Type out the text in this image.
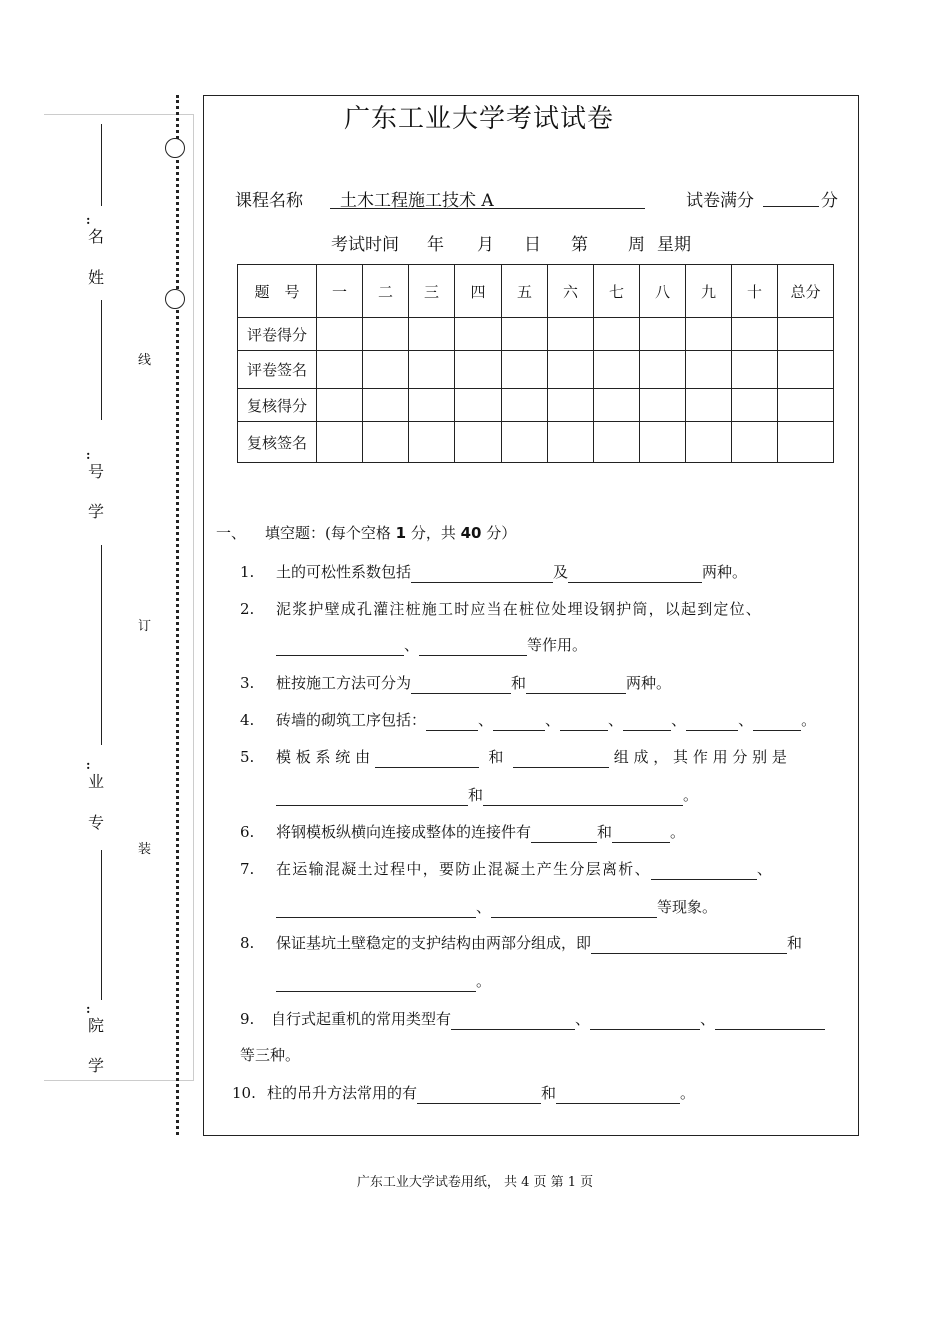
:
名
姓
:
号
学
:
业
专
:
院
学
线
订
装
广东工业大学考试试卷
课程名称	土木工程施工技术 A	试卷满分	分
考试时间 年 月 日 第 周 星期
题　号	一	二	三	四	五	六	七	八	九	十	总分
评卷得分											
评卷签名											
复核得分											
复核签名											
一、 填空题：(每个空格 1 分，共 40 分）
1. 土的可松性系数包括	及	两种。
2. 泥浆护壁成孔灌注桩施工时应当在桩位处埋设钢护筒，以起到定位、
、	等作用。
3. 桩按施工方法可分为	和	两种。
4. 砖墙的砌筑工序包括：	、	、	、	、	、	。
5. 模 板 系 统 由	和	组 成 ， 其 作 用 分 别 是
和	。
6. 将钢模板纵横向连接成整体的连接件有	和	。
7. 在运输混凝土过程中，要防止混凝土产生分层离析、	、
、	等现象。
8. 保证基坑土壁稳定的支护结构由两部分组成，即	和
。
9. 自行式起重机的常用类型有	、	、
等三种。
10. 柱的吊升方法常用的有	和	。
广东工业大学试卷用纸， 共 4 页 第 1 页
